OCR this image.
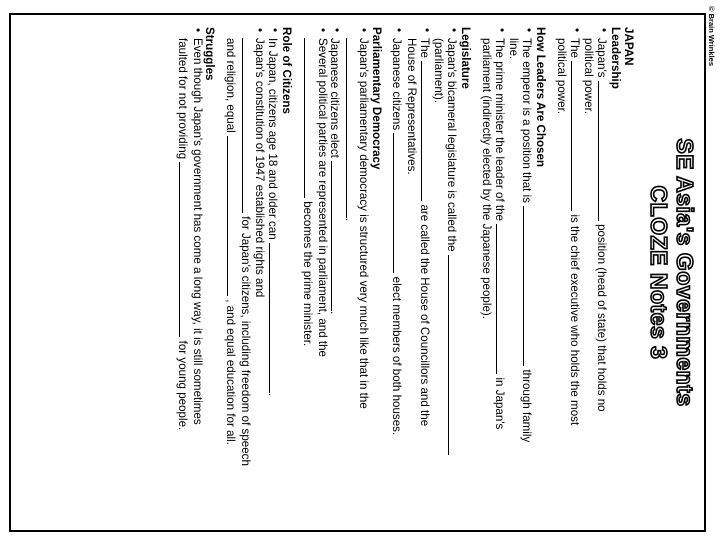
© Brain Wrinkles
SE Asia's Governments
CLOZE Notes 3
JAPAN
Leadership
• Japan's  position (head of state) that holds no
political power.
• The  is the chief executive who holds the most
political power.
How Leaders Are Chosen
• The emperor is a position that is  through family
line.
• The prime minister the leader of the  in Japan's
parliament (indirectly elected by the Japanese people).
Legislature
• Japan's bicameral legislature is called the
(parliament).
• The  are called the House of Councillors and the
House of Representatives.
• Japanese citizens  elect members of both houses.
Parliamentary Democracy
• Japan's parliamentary democracy is structured very much like that in the
.
• Japanese citizens elect .
• Several political parties are represented in parliament, and the
becomes the prime minister.
Role of Citizens
• In Japan, citizens age 18 and older can .
• Japan's constitution of 1947 established rights and
for Japan's citizens, including freedom of speech
and religion, equal  , and equal education for all.
Struggles
• Even though Japan's government has come a long way, it is still sometimes
faulted for not providing  for young people.
